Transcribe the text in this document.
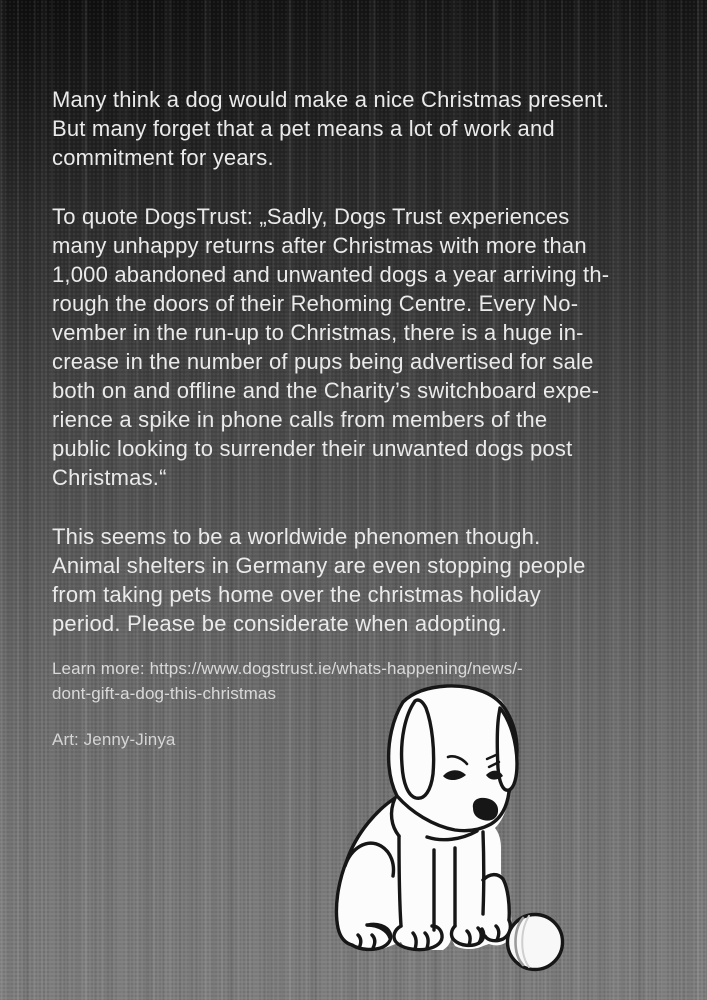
Many think a dog would make a nice Christmas present.
But many forget that a pet means a lot of work and
commitment for years.
To quote DogsTrust: „Sadly, Dogs Trust experiences
many unhappy returns after Christmas with more than
1,000 abandoned and unwanted dogs a year arriving th-
rough the doors of their Rehoming Centre. Every No-
vember in the run-up to Christmas, there is a huge in-
crease in the number of pups being advertised for sale
both on and offline and the Charity’s switchboard expe-
rience a spike in phone calls from members of the
public looking to surrender their unwanted dogs post
Christmas.“
This seems to be a worldwide phenomen though.
Animal shelters in Germany are even stopping people
from taking pets home over the christmas holiday
period. Please be considerate when adopting.
Learn more: https://www.dogstrust.ie/whats-happening/news/-
dont-gift-a-dog-this-christmas
Art: Jenny-Jinya
